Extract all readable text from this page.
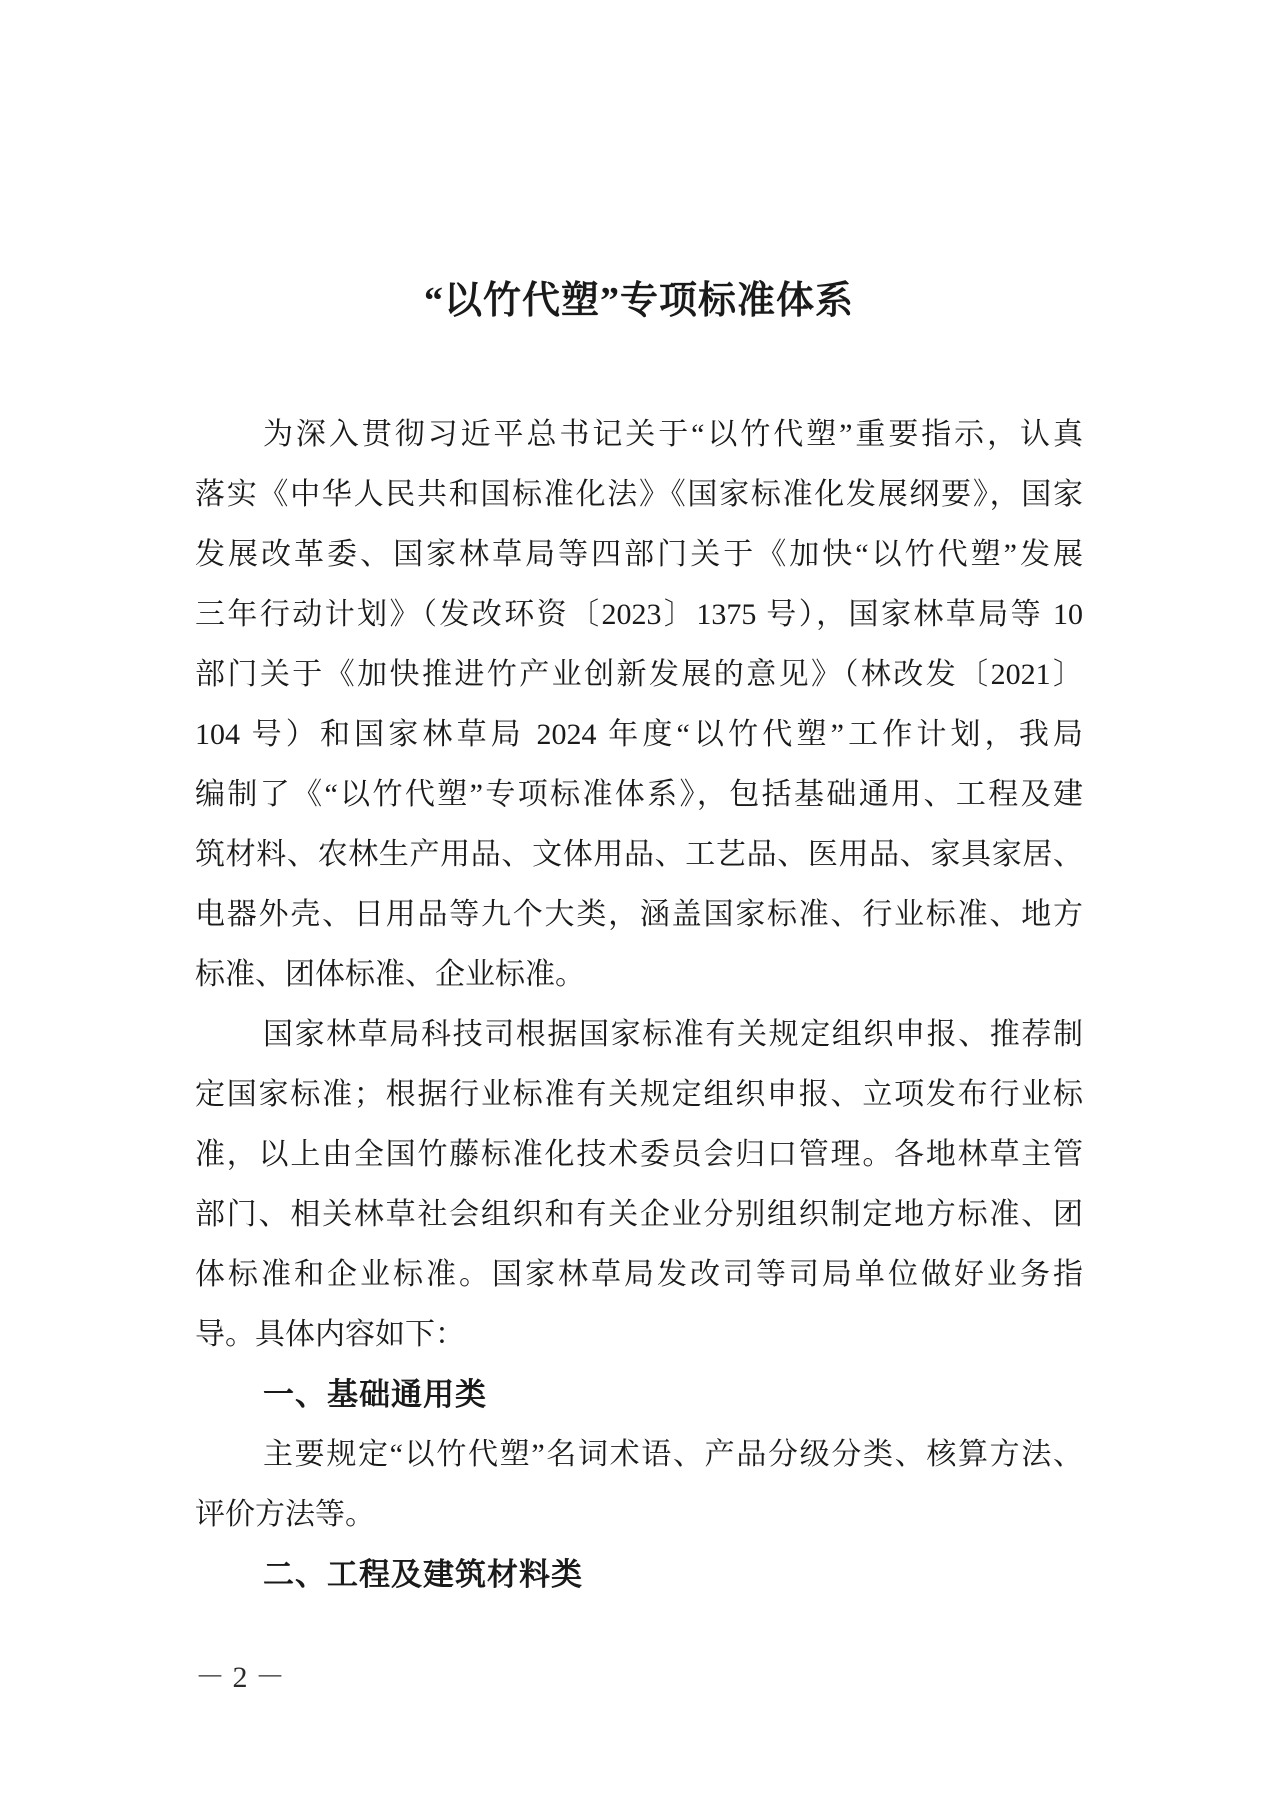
“以竹代塑”专项标准体系
为深入贯彻习近平总书记关于“以竹代塑”重要指示，认真
落实《中华人民共和国标准化法》《国家标准化发展纲要》，国家
发展改革委、国家林草局等四部门关于《加快“以竹代塑”发展
三年行动计划》（发改环资〔2023〕1375 号），国家林草局等 10
部门关于《加快推进竹产业创新发展的意见》（林改发〔2021〕
104 号）和国家林草局 2024 年度“以竹代塑”工作计划，我局
编制了《“以竹代塑”专项标准体系》，包括基础通用、工程及建
筑材料、农林生产用品、文体用品、工艺品、医用品、家具家居、
电器外壳、日用品等九个大类，涵盖国家标准、行业标准、地方
标准、团体标准、企业标准。
国家林草局科技司根据国家标准有关规定组织申报、推荐制
定国家标准；根据行业标准有关规定组织申报、立项发布行业标
准，以上由全国竹藤标准化技术委员会归口管理。各地林草主管
部门、相关林草社会组织和有关企业分别组织制定地方标准、团
体标准和企业标准。国家林草局发改司等司局单位做好业务指
导。具体内容如下：
一、基础通用类
主要规定“以竹代塑”名词术语、产品分级分类、核算方法、
评价方法等。
二、工程及建筑材料类
－ 2 －
